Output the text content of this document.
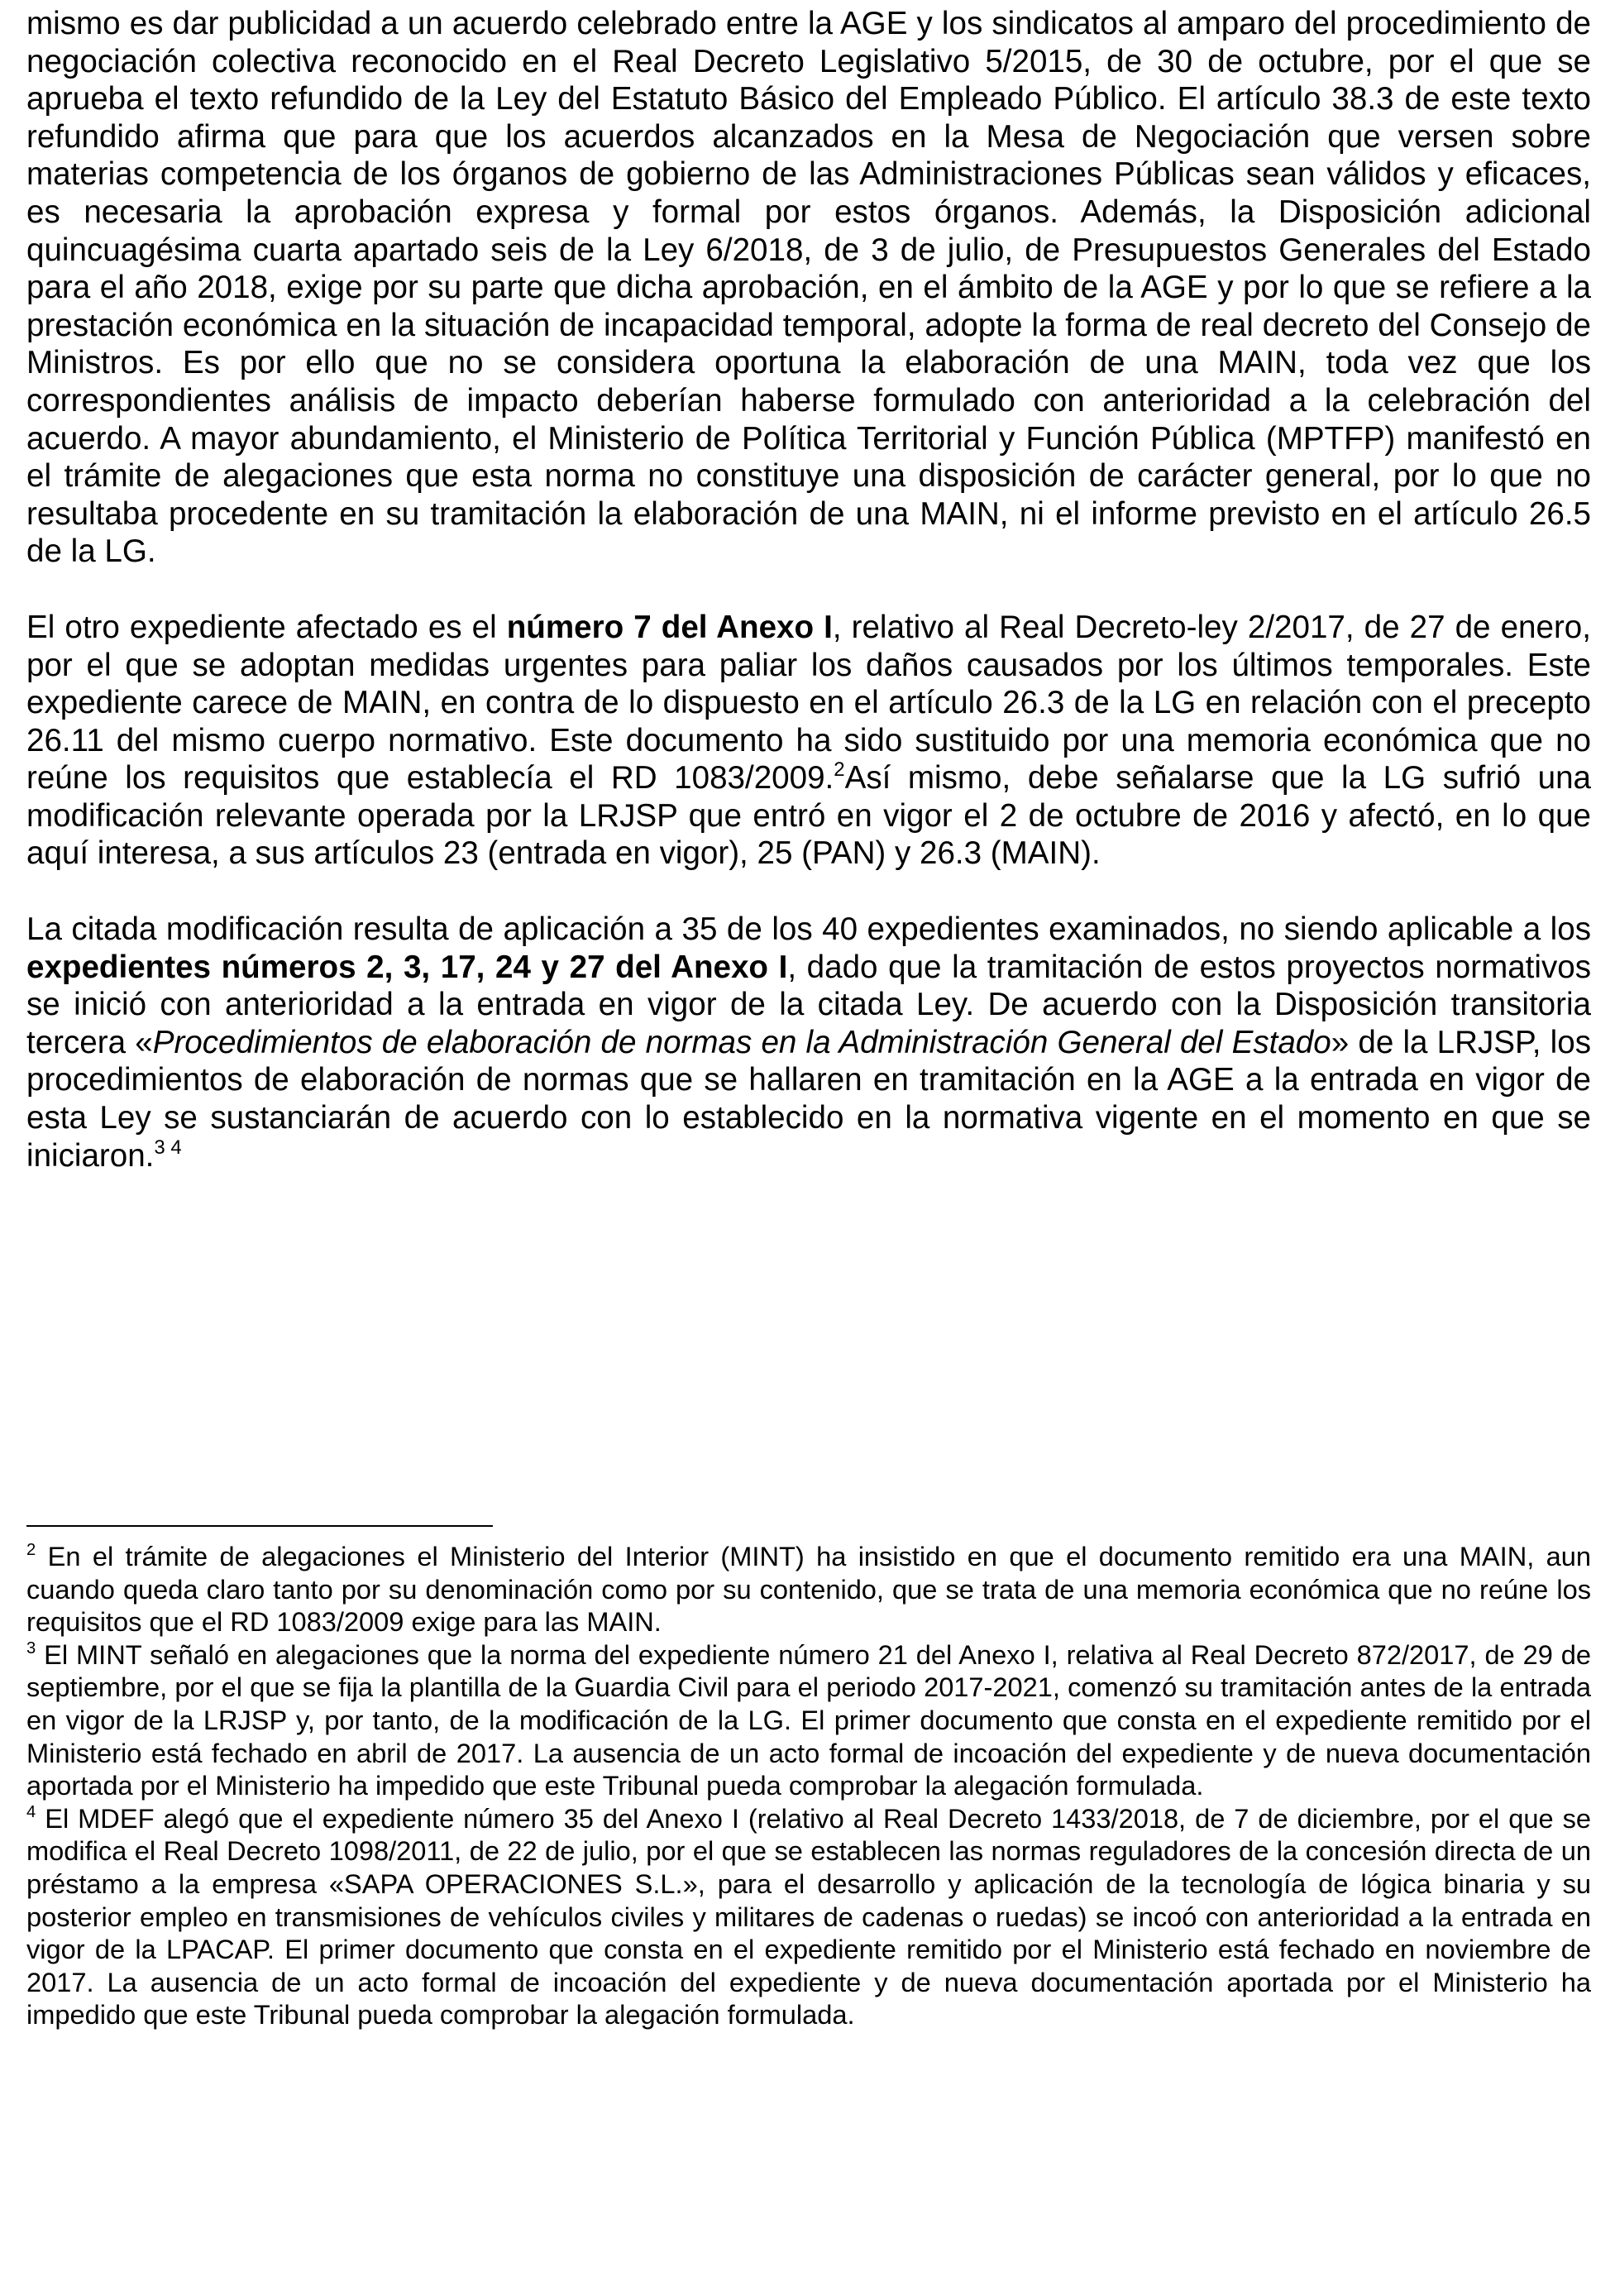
mismo es dar publicidad a un acuerdo celebrado entre la AGE y los sindicatos al amparo del procedimiento de negociación colectiva reconocido en el Real Decreto Legislativo 5/2015, de 30 de octubre, por el que se aprueba el texto refundido de la Ley del Estatuto Básico del Empleado Público. El artículo 38.3 de este texto refundido afirma que para que los acuerdos alcanzados en la Mesa de Negociación que versen sobre materias competencia de los órganos de gobierno de las Administraciones Públicas sean válidos y eficaces, es necesaria la aprobación expresa y formal por estos órganos. Además, la Disposición adicional quincuagésima cuarta apartado seis de la Ley 6/2018, de 3 de julio, de Presupuestos Generales del Estado para el año 2018, exige por su parte que dicha aprobación, en el ámbito de la AGE y por lo que se refiere a la prestación económica en la situación de incapacidad temporal, adopte la forma de real decreto del Consejo de Ministros. Es por ello que no se considera oportuna la elaboración de una MAIN, toda vez que los correspondientes análisis de impacto deberían haberse formulado con anterioridad a la celebración del acuerdo. A mayor abundamiento, el Ministerio de Política Territorial y Función Pública (MPTFP) manifestó en el trámite de alegaciones que esta norma no constituye una disposición de carácter general, por lo que no resultaba procedente en su tramitación la elaboración de una MAIN, ni el informe previsto en el artículo 26.5 de la LG.

El otro expediente afectado es el número 7 del Anexo I, relativo al Real Decreto-ley 2/2017, de 27 de enero, por el que se adoptan medidas urgentes para paliar los daños causados por los últimos temporales. Este expediente carece de MAIN, en contra de lo dispuesto en el artículo 26.3 de la LG en relación con el precepto 26.11 del mismo cuerpo normativo. Este documento ha sido sustituido por una memoria económica que no reúne los requisitos que establecía el RD 1083/2009.$^2$Así mismo, debe señalarse que la LG sufrió una modificación relevante operada por la LRJSP que entró en vigor el 2 de octubre de 2016 y afectó, en lo que aquí interesa, a sus artículos 23 (entrada en vigor), 25 (PAN) y 26.3 (MAIN).

La citada modificación resulta de aplicación a 35 de los 40 expedientes examinados, no siendo aplicable a los expedientes números 2, 3, 17, 24 y 27 del Anexo I, dado que la tramitación de estos proyectos normativos se inició con anterioridad a la entrada en vigor de la citada Ley. De acuerdo con la Disposición transitoria tercera «Procedimientos de elaboración de normas en la Administración General del Estado» de la LRJSP, los procedimientos de elaboración de normas que se hallaren en tramitación en la AGE a la entrada en vigor de esta Ley se sustanciarán de acuerdo con lo establecido en la normativa vigente en el momento en que se iniciaron.$^{3 4}$

$^2$ En el trámite de alegaciones el Ministerio del Interior (MINT) ha insistido en que el documento remitido era una MAIN, aun cuando queda claro tanto por su denominación como por su contenido, que se trata de una memoria económica que no reúne los requisitos que el RD 1083/2009 exige para las MAIN.

$^3$ El MINT señaló en alegaciones que la norma del expediente número 21 del Anexo I, relativa al Real Decreto 872/2017, de 29 de septiembre, por el que se fija la plantilla de la Guardia Civil para el periodo 2017-2021, comenzó su tramitación antes de la entrada en vigor de la LRJSP y, por tanto, de la modificación de la LG. El primer documento que consta en el expediente remitido por el Ministerio está fechado en abril de 2017. La ausencia de un acto formal de incoación del expediente y de nueva documentación aportada por el Ministerio ha impedido que este Tribunal pueda comprobar la alegación formulada.

$^4$ El MDEF alegó que el expediente número 35 del Anexo I (relativo al Real Decreto 1433/2018, de 7 de diciembre, por el que se modifica el Real Decreto 1098/2011, de 22 de julio, por el que se establecen las normas reguladores de la concesión directa de un préstamo a la empresa «SAPA OPERACIONES S.L.», para el desarrollo y aplicación de la tecnología de lógica binaria y su posterior empleo en transmisiones de vehículos civiles y militares de cadenas o ruedas) se incoó con anterioridad a la entrada en vigor de la LPACAP. El primer documento que consta en el expediente remitido por el Ministerio está fechado en noviembre de 2017. La ausencia de un acto formal de incoación del expediente y de nueva documentación aportada por el Ministerio ha impedido que este Tribunal pueda comprobar la alegación formulada.
